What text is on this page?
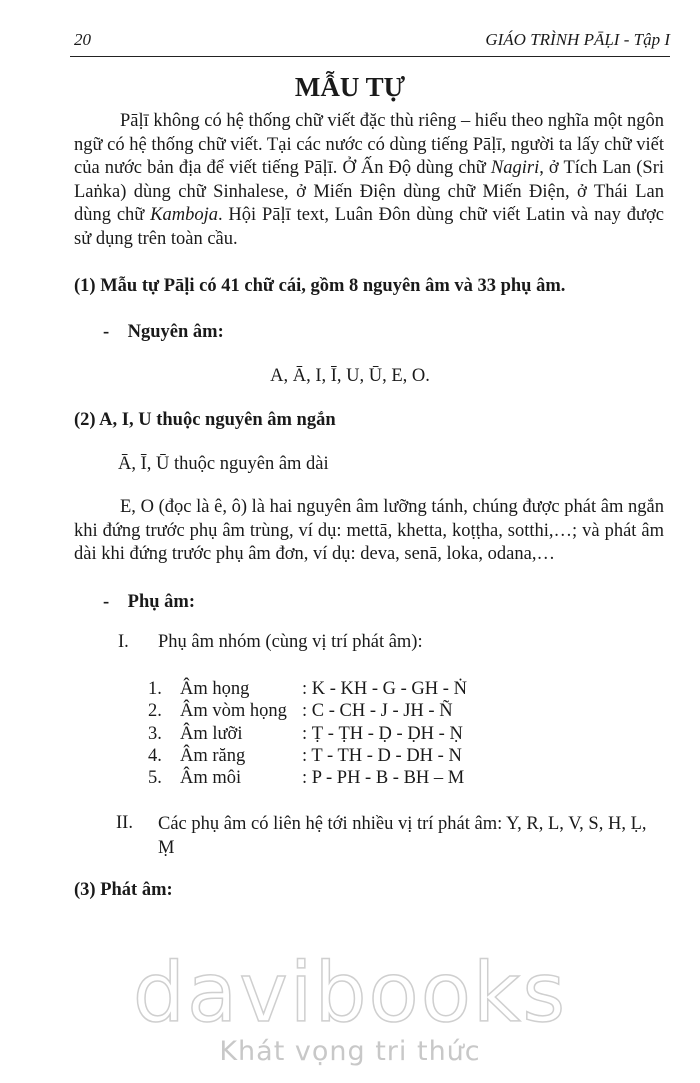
20	GIÁO TRÌNH PĀḶI - Tập I
MẪU TỰ
Pāḷī không có hệ thống chữ viết đặc thù riêng – hiểu theo nghĩa một ngôn ngữ có hệ thống chữ viết. Tại các nước có dùng tiếng Pāḷī, người ta lấy chữ viết của nước bản địa để viết tiếng Pāḷī. Ở Ấn Độ dùng chữ Nagiri, ở Tích Lan (Sri Laṅka) dùng chữ Sinhalese, ở Miến Điện dùng chữ Miến Điện, ở Thái Lan dùng chữ Kamboja. Hội Pāḷī text, Luân Đôn dùng chữ viết Latin và nay được sử dụng trên toàn cầu.
(1) Mẫu tự Pāḷi có 41 chữ cái, gồm 8 nguyên âm và 33 phụ âm.
-    Nguyên âm:
A, Ā, I, Ī, U, Ū, E, O.
(2) A, I, U thuộc nguyên âm ngắn
Ā, Ī, Ū thuộc nguyên âm dài
E, O (đọc là ê, ô) là hai nguyên âm lưỡng tánh, chúng được phát âm ngắn khi đứng trước phụ âm trùng, ví dụ: mettā, khetta, koṭṭha, sotthi,…; và phát âm dài khi đứng trước phụ âm đơn, ví dụ: deva, senā, loka, odana,…
-    Phụ âm:
I. Phụ âm nhóm (cùng vị trí phát âm):
1. Âm họng	: K - KH - G - GH - Ṅ
2. Âm vòm họng : C - CH - J - JH - Ñ
3. Âm lưỡi	: Ṭ - ṬH - Ḍ - ḌH - Ṇ
4. Âm răng	: T - TH - D - DH - N
5. Âm môi	: P - PH - B - BH – M
II. Các phụ âm có liên hệ tới nhiều vị trí phát âm: Y, R, L, V, S, H, Ḷ, Ṃ
(3) Phát âm:
davibooks
Khát vọng tri thức
